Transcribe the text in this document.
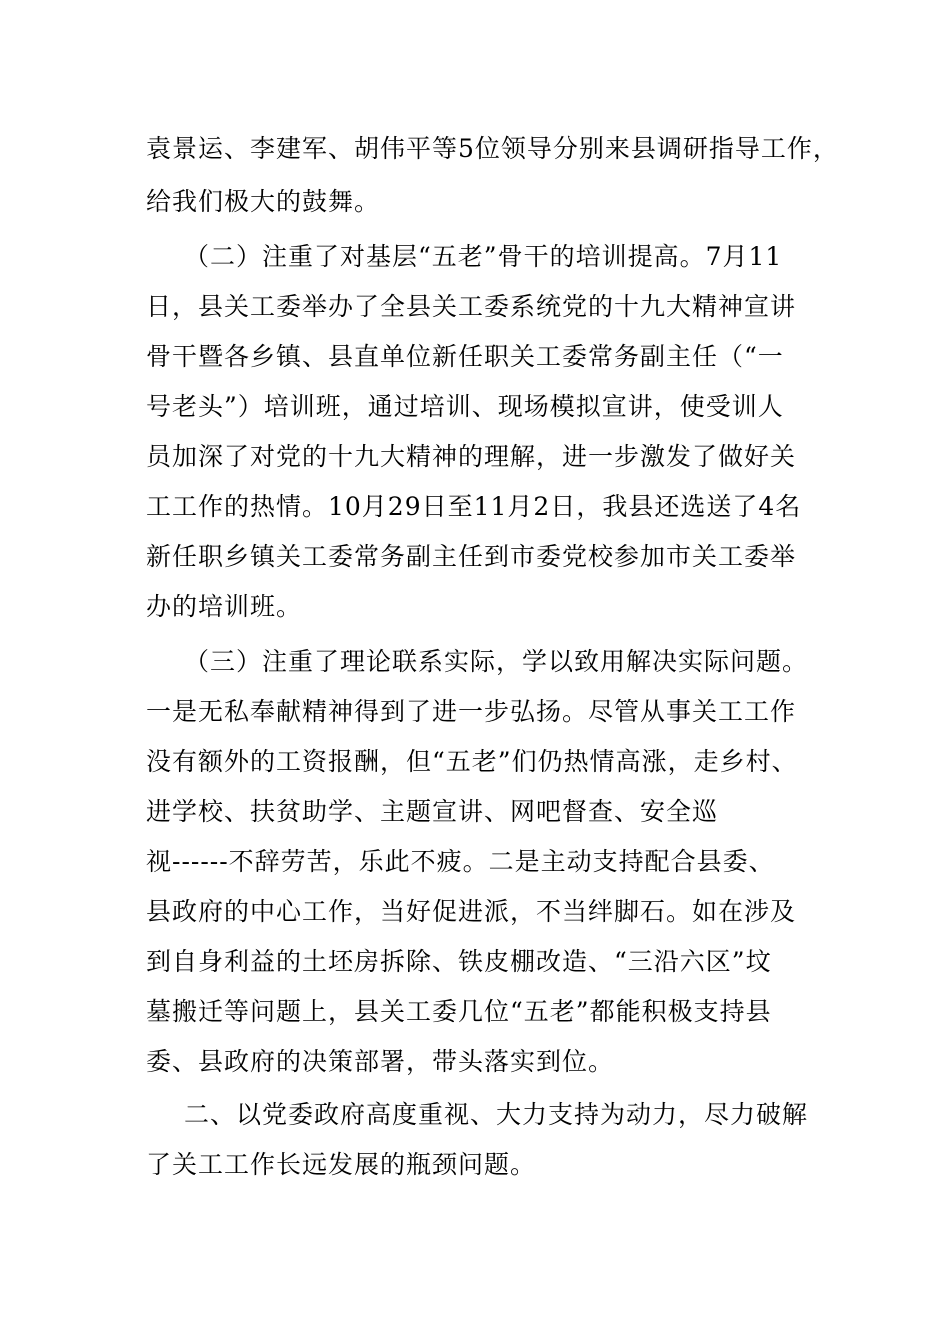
袁景运、李建军、胡伟平等5位领导分别来县调研指导工作，
给我们极大的鼓舞。
（二）注重了对基层“五老”骨干的培训提高。7月11
日，县关工委举办了全县关工委系统党的十九大精神宣讲
骨干暨各乡镇、县直单位新任职关工委常务副主任（“一
号老头”）培训班，通过培训、现场模拟宣讲，使受训人
员加深了对党的十九大精神的理解，进一步激发了做好关
工工作的热情。10月29日至11月2日，我县还选送了4名
新任职乡镇关工委常务副主任到市委党校参加市关工委举
办的培训班。
（三）注重了理论联系实际，学以致用解决实际问题。
一是无私奉献精神得到了进一步弘扬。尽管从事关工工作
没有额外的工资报酬，但“五老”们仍热情高涨，走乡村、
进学校、扶贫助学、主题宣讲、网吧督查、安全巡
视------不辞劳苦，乐此不疲。二是主动支持配合县委、
县政府的中心工作，当好促进派，不当绊脚石。如在涉及
到自身利益的土坯房拆除、铁皮棚改造、“三沿六区”坟
墓搬迁等问题上，县关工委几位“五老”都能积极支持县
委、县政府的决策部署，带头落实到位。
二、以党委政府高度重视、大力支持为动力，尽力破解
了关工工作长远发展的瓶颈问题。
